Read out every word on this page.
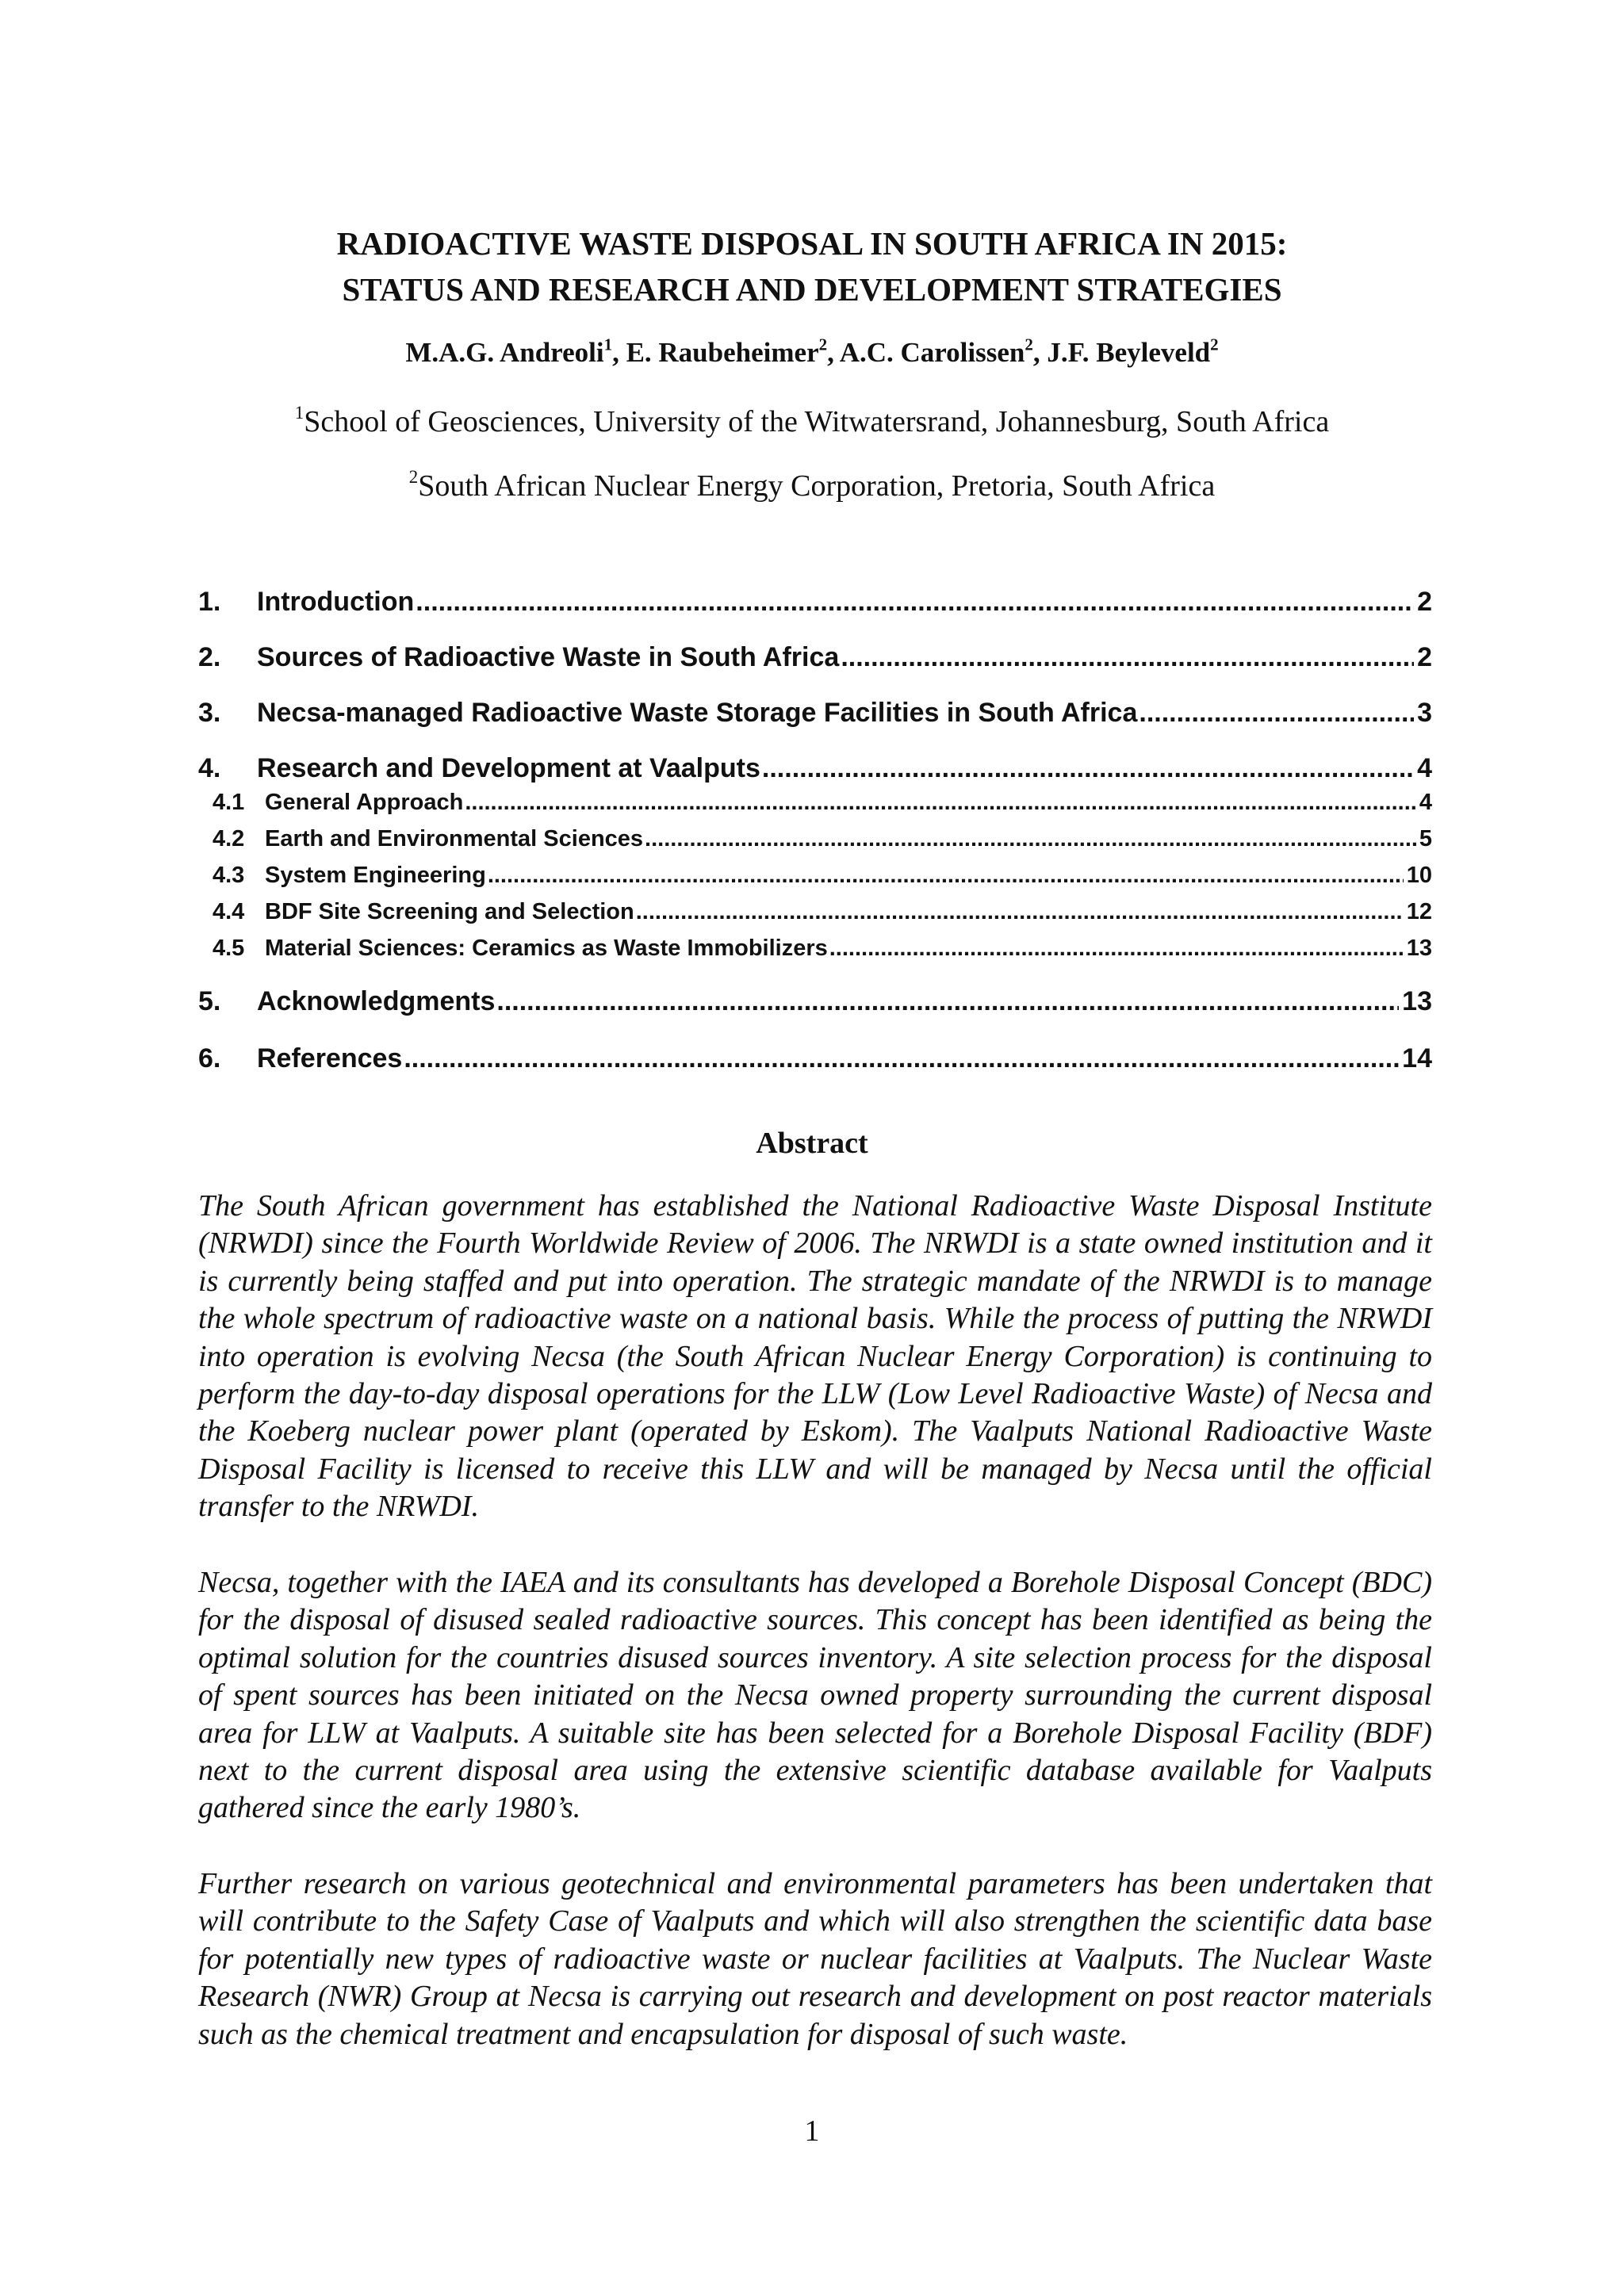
RADIOACTIVE WASTE DISPOSAL IN SOUTH AFRICA IN 2015:
STATUS AND RESEARCH AND DEVELOPMENT STRATEGIES

M.A.G. Andreoli$^1$, E. Raubeheimer$^2$, A.C. Carolissen$^2$, J.F. Beyleveld$^2$

$^1$School of Geosciences, University of the Witwatersrand, Johannesburg, South Africa

$^2$South African Nuclear Energy Corporation, Pretoria, South Africa

1.	Introduction .....	2
2.	Sources of Radioactive Waste in South Africa .....	2
3.	Necsa-managed Radioactive Waste Storage Facilities in South Africa .....	3
4.	Research and Development at Vaalputs .....	4
4.1 General Approach .....	4
4.2 Earth and Environmental Sciences .....	5
4.3 System Engineering .....	10
4.4 BDF Site Screening and Selection .....	12
4.5 Material Sciences: Ceramics as Waste Immobilizers .....	13
5.	Acknowledgments .....	13
6.	References .....	14
Abstract

The South African government has established the National Radioactive Waste Disposal Institute (NRWDI) since the Fourth Worldwide Review of 2006. The NRWDI is a state owned institution and it is currently being staffed and put into operation. The strategic mandate of the NRWDI is to manage the whole spectrum of radioactive waste on a national basis. While the process of putting the NRWDI into operation is evolving Necsa (the South African Nuclear Energy Corporation) is continuing to perform the day-to-day disposal operations for the LLW (Low Level Radioactive Waste) of Necsa and the Koeberg nuclear power plant (operated by Eskom). The Vaalputs National Radioactive Waste Disposal Facility is licensed to receive this LLW and will be managed by Necsa until the official transfer to the NRWDI.

Necsa, together with the IAEA and its consultants has developed a Borehole Disposal Concept (BDC) for the disposal of disused sealed radioactive sources. This concept has been identified as being the optimal solution for the countries disused sources inventory. A site selection process for the disposal of spent sources has been initiated on the Necsa owned property surrounding the current disposal area for LLW at Vaalputs. A suitable site has been selected for a Borehole Disposal Facility (BDF) next to the current disposal area using the extensive scientific database available for Vaalputs gathered since the early 1980’s.

Further research on various geotechnical and environmental parameters has been undertaken that will contribute to the Safety Case of Vaalputs and which will also strengthen the scientific data base for potentially new types of radioactive waste or nuclear facilities at Vaalputs. The Nuclear Waste Research (NWR) Group at Necsa is carrying out research and development on post reactor materials such as the chemical treatment and encapsulation for disposal of such waste.

1
